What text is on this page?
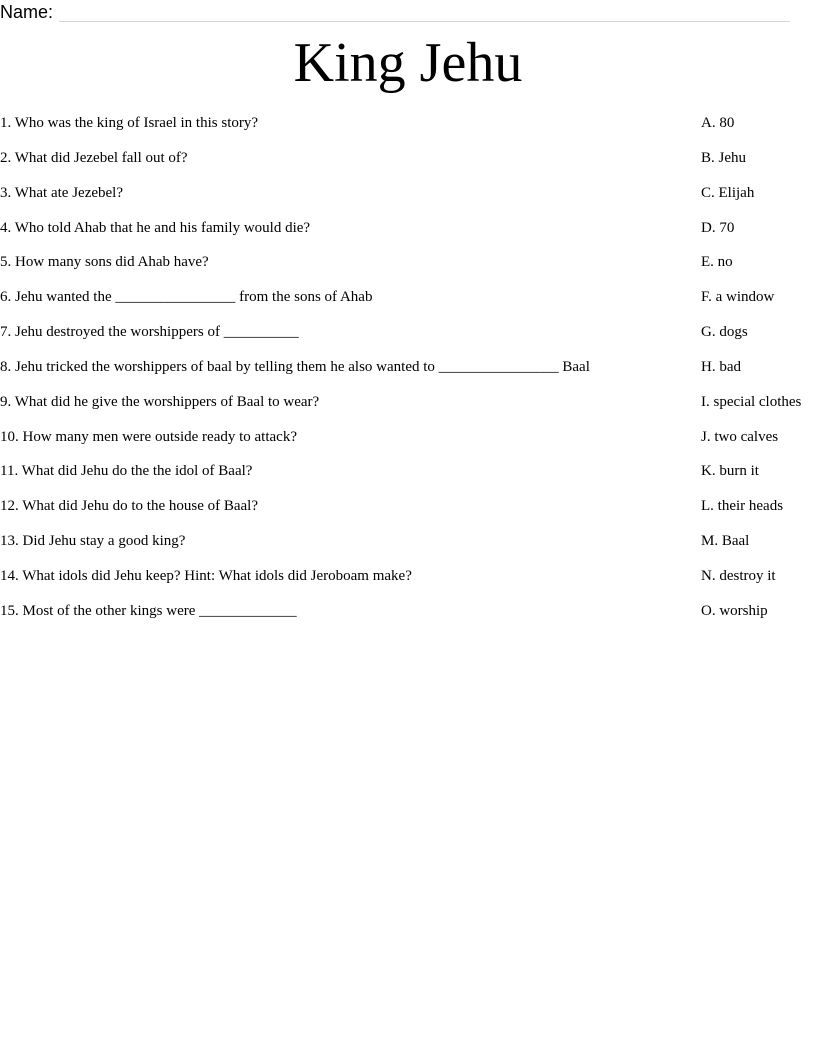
Name:
King Jehu
1. Who was the king of Israel in this story?
2. What did Jezebel fall out of?
3. What ate Jezebel?
4. Who told Ahab that he and his family would die?
5. How many sons did Ahab have?
6. Jehu wanted the ________________ from the sons of Ahab
7. Jehu destroyed the worshippers of __________
8. Jehu tricked the worshippers of baal by telling them he also wanted to ________________ Baal
9. What did he give the worshippers of Baal to wear?
10. How many men were outside ready to attack?
11. What did Jehu do the the idol of Baal?
12. What did Jehu do to the house of Baal?
13. Did Jehu stay a good king?
14. What idols did Jehu keep? Hint: What idols did Jeroboam make?
15. Most of the other kings were _____________
A. 80
B. Jehu
C. Elijah
D. 70
E. no
F. a window
G. dogs
H. bad
I. special clothes
J. two calves
K. burn it
L. their heads
M. Baal
N. destroy it
O. worship
